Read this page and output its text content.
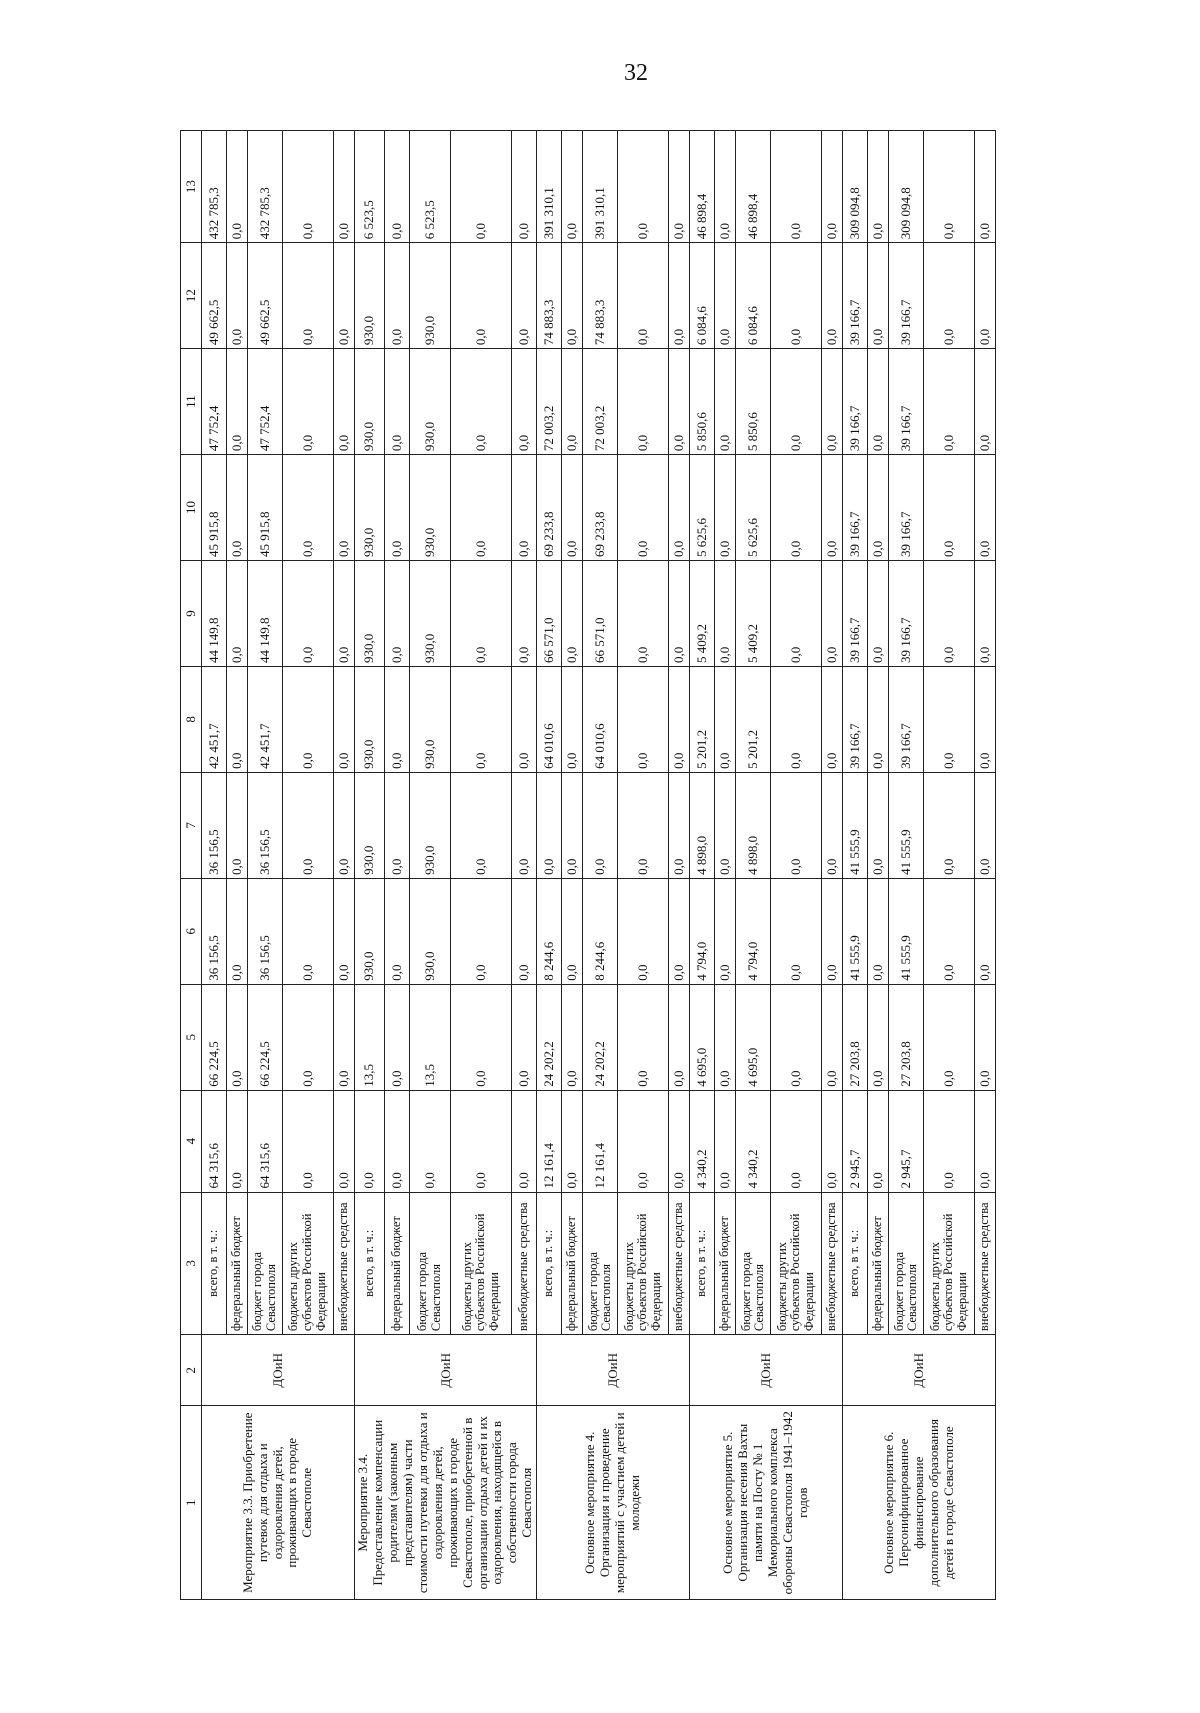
32
1	2	3	4	5	6	7	8	9	10	11	12	13
Мероприятие 3.3. Приобретение путевок для отдыха и оздоровления детей, проживающих в городе Севастополе	ДОиН	всего, в т. ч.:	64 315,6	66 224,5	36 156,5	36 156,5	42 451,7	44 149,8	45 915,8	47 752,4	49 662,5	432 785,3
		федеральный бюджет	0,0	0,0	0,0	0,0	0,0	0,0	0,0	0,0	0,0	0,0
		бюджет города Севастополя	64 315,6	66 224,5	36 156,5	36 156,5	42 451,7	44 149,8	45 915,8	47 752,4	49 662,5	432 785,3
		бюджеты других субъектов Российской Федерации	0,0	0,0	0,0	0,0	0,0	0,0	0,0	0,0	0,0	0,0
		внебюджетные средства	0,0	0,0	0,0	0,0	0,0	0,0	0,0	0,0	0,0	0,0
Мероприятие 3.4. Предоставление компенсации родителям (законным представителям) части стоимости путевки для отдыха и оздоровления детей, проживающих в городе Севастополе, приобретенной в организации отдыха детей и их оздоровления, находящейся в собственности города Севастополя	ДОиН	всего, в т. ч.:	0,0	13,5	930,0	930,0	930,0	930,0	930,0	930,0	930,0	6 523,5
		федеральный бюджет	0,0	0,0	0,0	0,0	0,0	0,0	0,0	0,0	0,0	0,0
		бюджет города Севастополя	0,0	13,5	930,0	930,0	930,0	930,0	930,0	930,0	930,0	6 523,5
		бюджеты других субъектов Российской Федерации	0,0	0,0	0,0	0,0	0,0	0,0	0,0	0,0	0,0	0,0
		внебюджетные средства	0,0	0,0	0,0	0,0	0,0	0,0	0,0	0,0	0,0	0,0
Основное мероприятие 4. Организация и проведение мероприятий с участием детей и молодежи	ДОиН	всего, в т. ч.:	12 161,4	24 202,2	8 244,6	0,0	64 010,6	66 571,0	69 233,8	72 003,2	74 883,3	391 310,1
		федеральный бюджет	0,0	0,0	0,0	0,0	0,0	0,0	0,0	0,0	0,0	0,0
		бюджет города Севастополя	12 161,4	24 202,2	8 244,6	0,0	64 010,6	66 571,0	69 233,8	72 003,2	74 883,3	391 310,1
		бюджеты других субъектов Российской Федерации	0,0	0,0	0,0	0,0	0,0	0,0	0,0	0,0	0,0	0,0
		внебюджетные средства	0,0	0,0	0,0	0,0	0,0	0,0	0,0	0,0	0,0	0,0
Основное мероприятие 5. Организация несения Вахты памяти на Посту № 1 Мемориального комплекса обороны Севастополя 1941–1942 годов	ДОиН	всего, в т. ч.:	4 340,2	4 695,0	4 794,0	4 898,0	5 201,2	5 409,2	5 625,6	5 850,6	6 084,6	46 898,4
		федеральный бюджет	0,0	0,0	0,0	0,0	0,0	0,0	0,0	0,0	0,0	0,0
		бюджет города Севастополя	4 340,2	4 695,0	4 794,0	4 898,0	5 201,2	5 409,2	5 625,6	5 850,6	6 084,6	46 898,4
		бюджеты других субъектов Российской Федерации	0,0	0,0	0,0	0,0	0,0	0,0	0,0	0,0	0,0	0,0
		внебюджетные средства	0,0	0,0	0,0	0,0	0,0	0,0	0,0	0,0	0,0	0,0
Основное мероприятие 6. Персонифицированное финансирование дополнительного образования детей в городе Севастополе	ДОиН	всего, в т. ч.:	2 945,7	27 203,8	41 555,9	41 555,9	39 166,7	39 166,7	39 166,7	39 166,7	39 166,7	309 094,8
		федеральный бюджет	0,0	0,0	0,0	0,0	0,0	0,0	0,0	0,0	0,0	0,0
		бюджет города Севастополя	2 945,7	27 203,8	41 555,9	41 555,9	39 166,7	39 166,7	39 166,7	39 166,7	39 166,7	309 094,8
		бюджеты других субъектов Российской Федерации	0,0	0,0	0,0	0,0	0,0	0,0	0,0	0,0	0,0	0,0
		внебюджетные средства	0,0	0,0	0,0	0,0	0,0	0,0	0,0	0,0	0,0	0,0
